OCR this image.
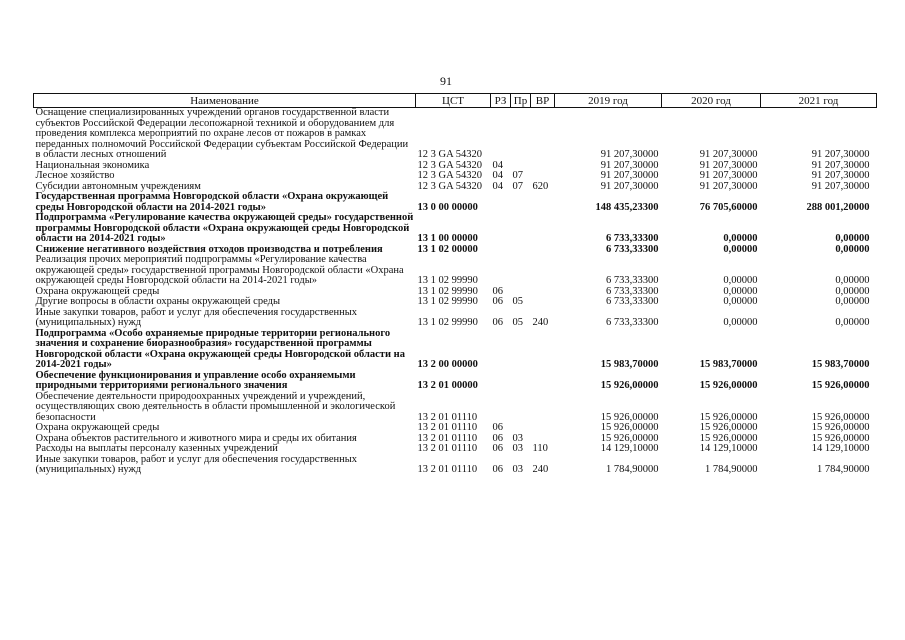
91
Наименование	ЦСТ	РЗ	Пр	ВР	2019 год	2020 год	2021 год
Оснащение специализированных учреждений органов государственной власти субъектов Российской Федерации лесопожарной техникой и оборудованием для проведения комплекса мероприятий по охране лесов от пожаров в рамках переданных полномочий Российской Федерации субъектам Российской Федерации в области лесных отношений	12 3 GA 54320				91 207,30000	91 207,30000	91 207,30000
Национальная экономика	12 3 GA 54320	04			91 207,30000	91 207,30000	91 207,30000
Лесное хозяйство	12 3 GA 54320	04	07		91 207,30000	91 207,30000	91 207,30000
Субсидии автономным учреждениям	12 3 GA 54320	04	07	620	91 207,30000	91 207,30000	91 207,30000
Государственная программа Новгородской области «Охрана окружающей среды Новгородской области на 2014-2021 годы»	13 0 00 00000				148 435,23300	76 705,60000	288 001,20000
Подпрограмма «Регулирование качества окружающей среды» государственной программы Новгородской области «Охрана окружающей среды Новгородской области на 2014-2021 годы»	13 1 00 00000				6 733,33300	0,00000	0,00000
Снижение негативного воздействия отходов производства и потребления	13 1 02 00000				6 733,33300	0,00000	0,00000
Реализация прочих мероприятий подпрограммы «Регулирование качества окружающей среды» государственной программы Новгородской области «Охрана окружающей среды Новгородской области на 2014-2021 годы»	13 1 02 99990				6 733,33300	0,00000	0,00000
Охрана окружающей среды	13 1 02 99990	06			6 733,33300	0,00000	0,00000
Другие вопросы в области охраны окружающей среды	13 1 02 99990	06	05		6 733,33300	0,00000	0,00000
Иные закупки товаров, работ и услуг для обеспечения государственных (муниципальных) нужд	13 1 02 99990	06	05	240	6 733,33300	0,00000	0,00000
Подпрограмма «Особо охраняемые природные территории регионального значения и сохранение биоразнообразия» государственной программы Новгородской области «Охрана окружающей среды Новгородской области на 2014-2021 годы»	13 2 00 00000				15 983,70000	15 983,70000	15 983,70000
Обеспечение функционирования и управление особо охраняемыми природными территориями регионального значения	13 2 01 00000				15 926,00000	15 926,00000	15 926,00000
Обеспечение деятельности природоохранных учреждений и учреждений, осуществляющих свою деятельность в области промышленной и экологической безопасности	13 2 01 01110				15 926,00000	15 926,00000	15 926,00000
Охрана окружающей среды	13 2 01 01110	06			15 926,00000	15 926,00000	15 926,00000
Охрана объектов растительного и животного мира и среды их обитания	13 2 01 01110	06	03		15 926,00000	15 926,00000	15 926,00000
Расходы на выплаты персоналу казенных учреждений	13 2 01 01110	06	03	110	14 129,10000	14 129,10000	14 129,10000
Иные закупки товаров, работ и услуг для обеспечения государственных (муниципальных) нужд	13 2 01 01110	06	03	240	1 784,90000	1 784,90000	1 784,90000
